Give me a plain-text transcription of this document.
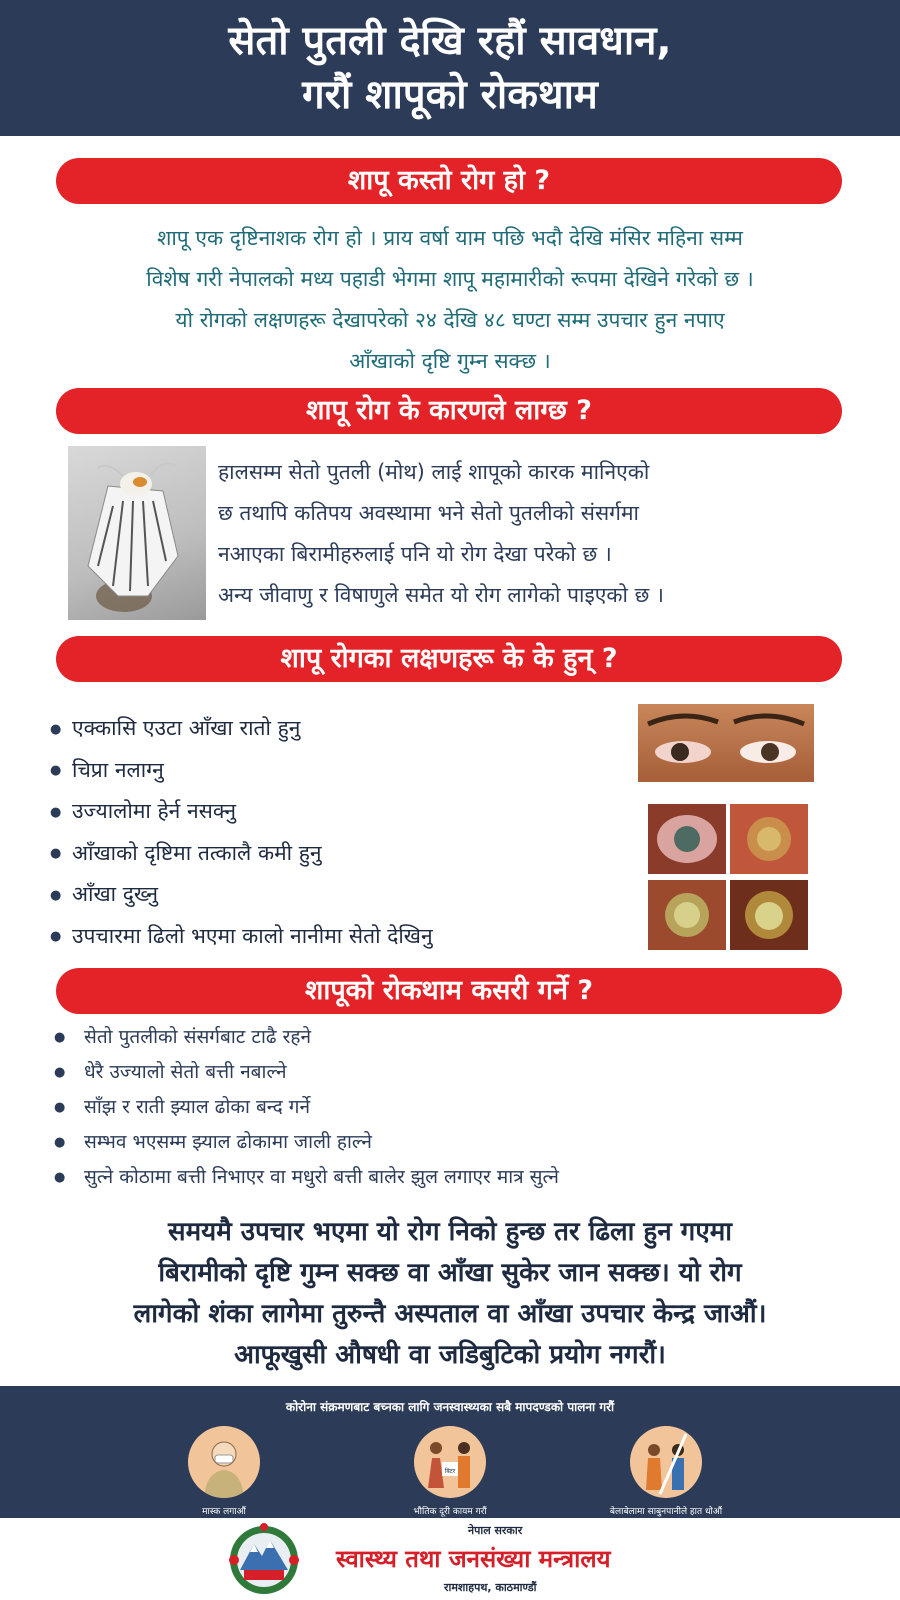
सेतो पुतली देखि रहौं सावधान,
गरौं शापूको रोकथाम
शापू कस्तो रोग हो ?
शापू एक दृष्टिनाशक रोग हो । प्राय वर्षा याम पछि भदौ देखि मंसिर महिना सम्म
विशेष गरी नेपालको मध्य पहाडी भेगमा शापू महामारीको रूपमा देखिने गरेको छ ।
यो रोगको लक्षणहरू देखापरेको २४ देखि ४८ घण्टा सम्म उपचार हुन नपाए
आँखाको दृष्टि गुम्न सक्छ ।
शापू रोग के कारणले लाग्छ ?
हालसम्म सेतो पुतली (मोथ) लाई शापूको कारक मानिएको
छ तथापि कतिपय अवस्थामा भने सेतो पुतलीको संसर्गमा
नआएका बिरामीहरुलाई पनि यो रोग देखा परेको छ ।
अन्य जीवाणु र विषाणुले समेत यो रोग लागेको पाइएको छ ।
शापू रोगका लक्षणहरू के के हुन् ?
● एक्कासि एउटा आँखा रातो हुनु
● चिप्रा नलाग्नु
● उज्यालोमा हेर्न नसक्नु
● आँखाको दृष्टिमा तत्कालै कमी हुनु
● आँखा दुख्नु
● उपचारमा ढिलो भएमा कालो नानीमा सेतो देखिनु
शापूको रोकथाम कसरी गर्ने ?
● सेतो पुतलीको संसर्गबाट टाढै रहने
● धेरै उज्यालो सेतो बत्ती नबाल्ने
● साँझ र राती झ्याल ढोका बन्द गर्ने
● सम्भव भएसम्म झ्याल ढोकामा जाली हाल्ने
● सुत्ने कोठामा बत्ती निभाएर वा मधुरो बत्ती बालेर झुल लगाएर मात्र सुत्ने
समयमै उपचार भएमा यो रोग निको हुन्छ तर ढिला हुन गएमा
बिरामीको दृष्टि गुम्न सक्छ वा आँखा सुकेर जान सक्छ। यो रोग
लागेको शंका लागेमा तुरुन्तै अस्पताल वा आँखा उपचार केन्द्र जाऔं।
आफूखुसी औषधी वा जडिबुटिको प्रयोग नगरौं।
कोरोना संक्रमणबाट बच्नका लागि जनस्वास्थ्यका सबै मापदण्डको पालना गरौं
मास्क लगाऔं
बिटर
भौतिक दूरी कायम गरौं	बेलाबेलामा साबुनपानीले हात धोऔं
नेपाल सरकार
स्वास्थ्य तथा जनसंख्या मन्त्रालय
रामशाहपथ, काठमाण्डौं
